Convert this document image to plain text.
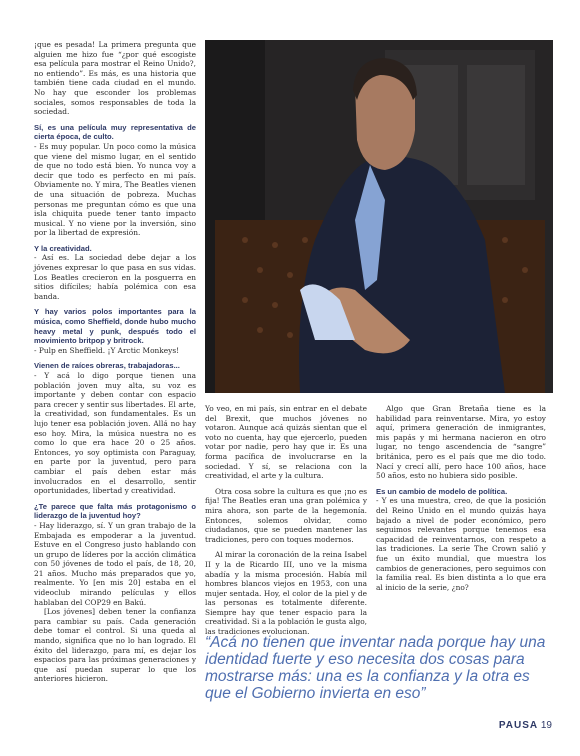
¡que es pesada! La primera pregunta que alguien me hizo fue “¿por qué escogiste esa película para mostrar el Reino Unido?, no entiendo”. Es más, es una historia que también tiene cada ciudad en el mundo. No hay que esconder los problemas sociales, somos responsables de toda la sociedad.

Sí, es una película muy representativa de cierta época, de culto.

- Es muy popular. Un poco como la música que viene del mismo lugar, en el sentido de que no todo está bien. Yo nunca voy a decir que todo es perfecto en mi país. Obviamente no. Y mira, The Beatles vienen de una situación de pobreza. Muchas personas me preguntan cómo es que una isla chiquita puede tener tanto impacto musical. Y no viene por la inversión, sino por la libertad de expresión.

Y la creatividad.

- Así es. La sociedad debe dejar a los jóvenes expresar lo que pasa en sus vidas. Los Beatles crecieron en la posguerra en sitios difíciles; había polémica con esa banda.

Y hay varios polos importantes para la música, como Sheffield, donde hubo mucho heavy metal y punk, después todo el movimiento britpop y britrock.

- Pulp en Sheffield. ¡Y Arctic Monkeys!

Vienen de raíces obreras, trabajadoras...

- Y acá lo digo porque tienen una población joven muy alta, su voz es importante y deben contar con espacio para crecer y sentir sus libertades. El arte, la creatividad, son fundamentales. Es un lujo tener esa población joven. Allá no hay eso hoy. Mira, la música nuestra no es como lo que era hace 20 o 25 años. Entonces, yo soy optimista con Paraguay, en parte por la juventud, pero para cambiar el país deben estar más involucrados en el desarrollo, sentir oportunidades, libertad y creatividad.

¿Te parece que falta más protagonismo o liderazgo de la juventud hoy?

- Hay liderazgo, sí. Y un gran trabajo de la Embajada es empoderar a la juventud. Estuve en el Congreso justo hablando con un grupo de líderes por la acción climática con 50 jóvenes de todo el país, de 18, 20, 21 años. Mucho más preparados que yo, realmente. Yo [en mis 20] estaba en el videoclub mirando películas y ellos hablaban del COP29 en Bakú.

[Los jóvenes] deben tener la confianza para cambiar su país. Cada generación debe tomar el control. Si una queda al mando, significa que no lo han logrado. El éxito del liderazgo, para mí, es dejar los espacios para las próximas generaciones y que así puedan superar lo que los anteriores hicieron.

Yo veo, en mi país, sin entrar en el debate del Brexit, que muchos jóvenes no votaron. Aunque acá quizás sientan que el voto no cuenta, hay que ejercerlo, pueden votar por nadie, pero hay que ir. Es una forma pacífica de involucrarse en la sociedad. Y sí, se relaciona con la creatividad, el arte y la cultura.

Otra cosa sobre la cultura es que ¡no es fija! The Beatles eran una gran polémica y mira ahora, son parte de la hegemonía. Entonces, solemos olvidar, como ciudadanos, que se pueden mantener las tradiciones, pero con toques modernos.

Al mirar la coronación de la reina Isabel II y la de Ricardo III, uno ve la misma abadía y la misma procesión. Había mil hombres blancos viejos en 1953, con una mujer sentada. Hoy, el color de la piel y de las personas es totalmente diferente. Siempre hay que tener espacio para la creatividad. Si a la población le gusta algo, las tradiciones evolucionan.

Algo que Gran Bretaña tiene es la habilidad para reinventarse. Mira, yo estoy aquí, primera generación de inmigrantes, mis papás y mi hermana nacieron en otro lugar, no tengo ascendencia de “sangre” británica, pero es el país que me dio todo. Nací y crecí allí, pero hace 100 años, hace 50 años, esto no hubiera sido posible.

Es un cambio de modelo de política.

- Y es una muestra, creo, de que la posición del Reino Unido en el mundo quizás haya bajado a nivel de poder económico, pero seguimos relevantes porque tenemos esa capacidad de reinventarnos, con respeto a las tradiciones. La serie The Crown salió y fue un éxito mundial, que muestra los cambios de generaciones, pero seguimos con la familia real. Es bien distinta a lo que era al inicio de la serie, ¿no?

“Acá no tienen que inventar nada porque hay una identidad fuerte y eso necesita dos cosas para mostrarse más: una es la confianza y la otra es que el Gobierno invierta en eso”
PAUSA 19
